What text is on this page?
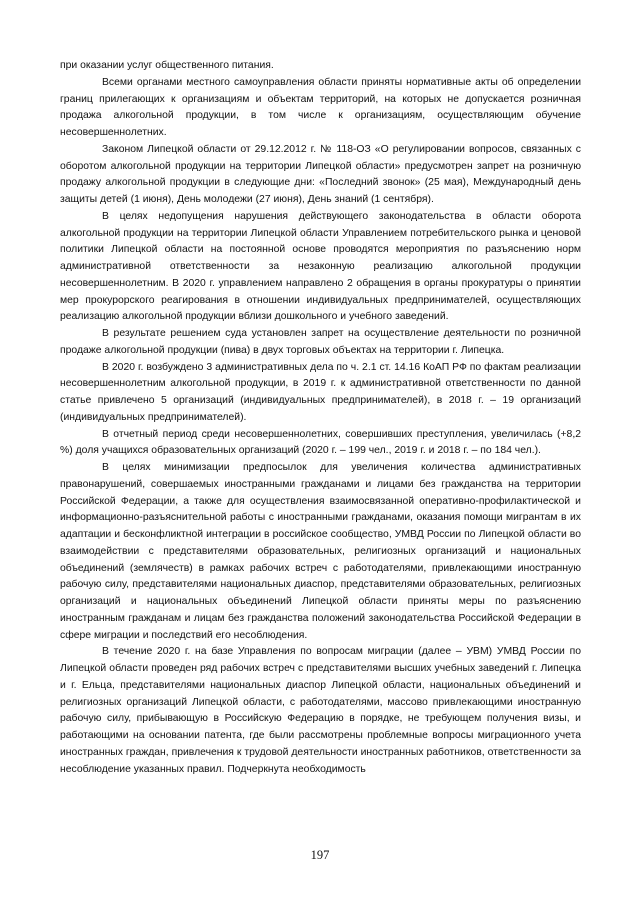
при оказании услуг общественного питания.

Всеми органами местного самоуправления области приняты нормативные акты об определении границ прилегающих к организациям и объектам территорий, на которых не допускается розничная продажа алкогольной продукции, в том числе к организациям, осуществляющим обучение несовершеннолетних.

Законом Липецкой области от 29.12.2012 г. № 118-ОЗ «О регулировании вопросов, связанных с оборотом алкогольной продукции на территории Липецкой области» предусмотрен запрет на розничную продажу алкогольной продукции в следующие дни: «Последний звонок» (25 мая), Международный день защиты детей (1 июня), День молодежи (27 июня), День знаний (1 сентября).

В целях недопущения нарушения действующего законодательства в области оборота алкогольной продукции на территории Липецкой области Управлением потребительского рынка и ценовой политики Липецкой области на постоянной основе проводятся мероприятия по разъяснению норм административной ответственности за незаконную реализацию алкогольной продукции несовершеннолетним. В 2020 г. управлением направлено 2 обращения в органы прокуратуры о принятии мер прокурорского реагирования в отношении индивидуальных предпринимателей, осуществляющих реализацию алкогольной продукции вблизи дошкольного и учебного заведений.

В результате решением суда установлен запрет на осуществление деятельности по розничной продаже алкогольной продукции (пива) в двух торговых объектах на территории г. Липецка.

В 2020 г. возбуждено 3 административных дела по ч. 2.1 ст. 14.16 КоАП РФ по фактам реализации несовершеннолетним алкогольной продукции, в 2019 г. к административной ответственности по данной статье привлечено 5 организаций (индивидуальных предпринимателей), в 2018 г. – 19 организаций (индивидуальных предпринимателей).

В отчетный период среди несовершеннолетних, совершивших преступления, увеличилась (+8,2 %) доля учащихся образовательных организаций (2020 г. – 199 чел., 2019 г. и 2018 г. – по 184 чел.).

В целях минимизации предпосылок для увеличения количества административных правонарушений, совершаемых иностранными гражданами и лицами без гражданства на территории Российской Федерации, а также для осуществления взаимосвязанной оперативно-профилактической и информационно-разъяснительной работы с иностранными гражданами, оказания помощи мигрантам в их адаптации и бесконфликтной интеграции в российское сообщество, УМВД России по Липецкой области во взаимодействии с представителями образовательных, религиозных организаций и национальных объединений (землячеств) в рамках рабочих встреч с работодателями, привлекающими иностранную рабочую силу, представителями национальных диаспор, представителями образовательных, религиозных организаций и национальных объединений Липецкой области приняты меры по разъяснению иностранным гражданам и лицам без гражданства положений законодательства Российской Федерации в сфере миграции и последствий его несоблюдения.

В течение 2020 г. на базе Управления по вопросам миграции (далее – УВМ) УМВД России по Липецкой области проведен ряд рабочих встреч с представителями высших учебных заведений г. Липецка и г. Ельца, представителями национальных диаспор Липецкой области, национальных объединений и религиозных организаций Липецкой области, с работодателями, массово привлекающими иностранную рабочую силу, прибывающую в Российскую Федерацию в порядке, не требующем получения визы, и работающими на основании патента, где были рассмотрены проблемные вопросы миграционного учета иностранных граждан, привлечения к трудовой деятельности иностранных работников, ответственности за несоблюдение указанных правил. Подчеркнута необходимость

197
